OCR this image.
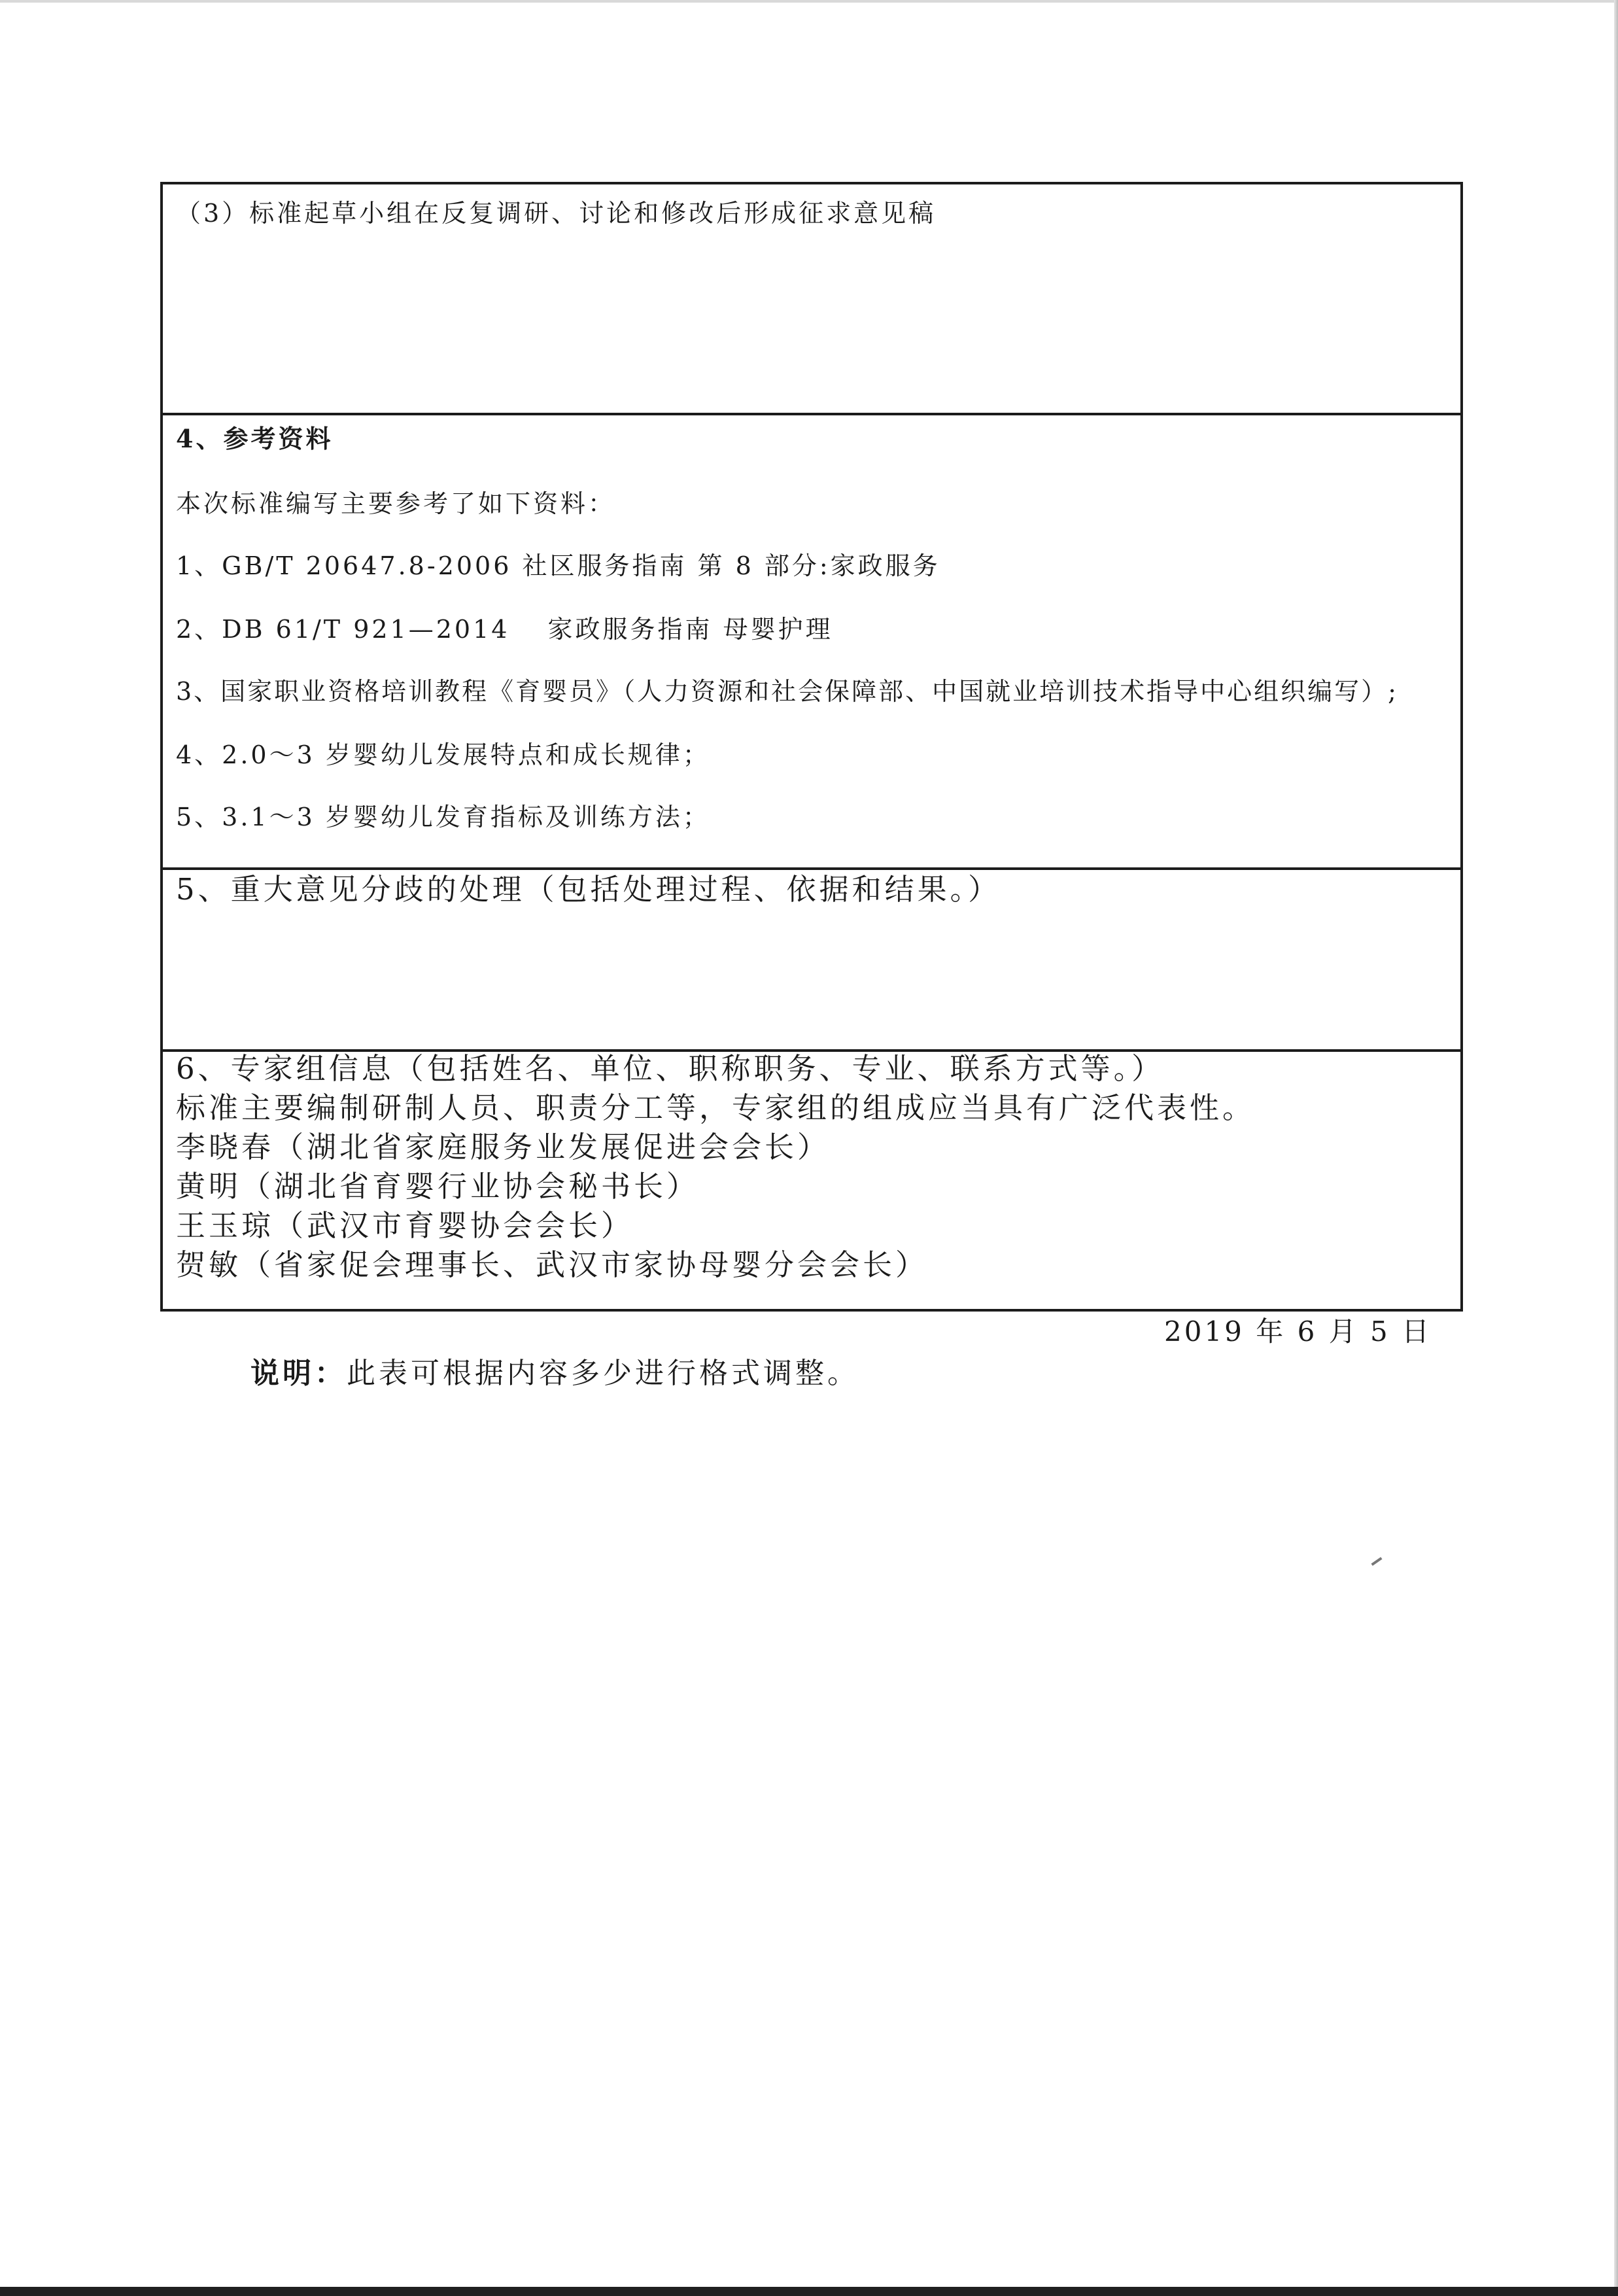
（3）标准起草小组在反复调研、讨论和修改后形成征求意见稿
4、参考资料
本次标准编写主要参考了如下资料：
1、GB/T 20647.8-2006 社区服务指南 第 8 部分:家政服务
2、DB 61/T 921—2014　 家政服务指南 母婴护理
3、国家职业资格培训教程《育婴员》（人力资源和社会保障部、中国就业培训技术指导中心组织编写）;
4、2.0～3 岁婴幼儿发展特点和成长规律；
5、3.1～3 岁婴幼儿发育指标及训练方法；
5、重大意见分歧的处理（包括处理过程、依据和结果。）
6、专家组信息（包括姓名、单位、职称职务、专业、联系方式等。）
标准主要编制研制人员、职责分工等，专家组的组成应当具有广泛代表性。
李晓春（湖北省家庭服务业发展促进会会长）
黄明（湖北省育婴行业协会秘书长）
王玉琼（武汉市育婴协会会长）
贺敏（省家促会理事长、武汉市家协母婴分会会长）
2019 年 6 月 5 日
说明：此表可根据内容多少进行格式调整。
